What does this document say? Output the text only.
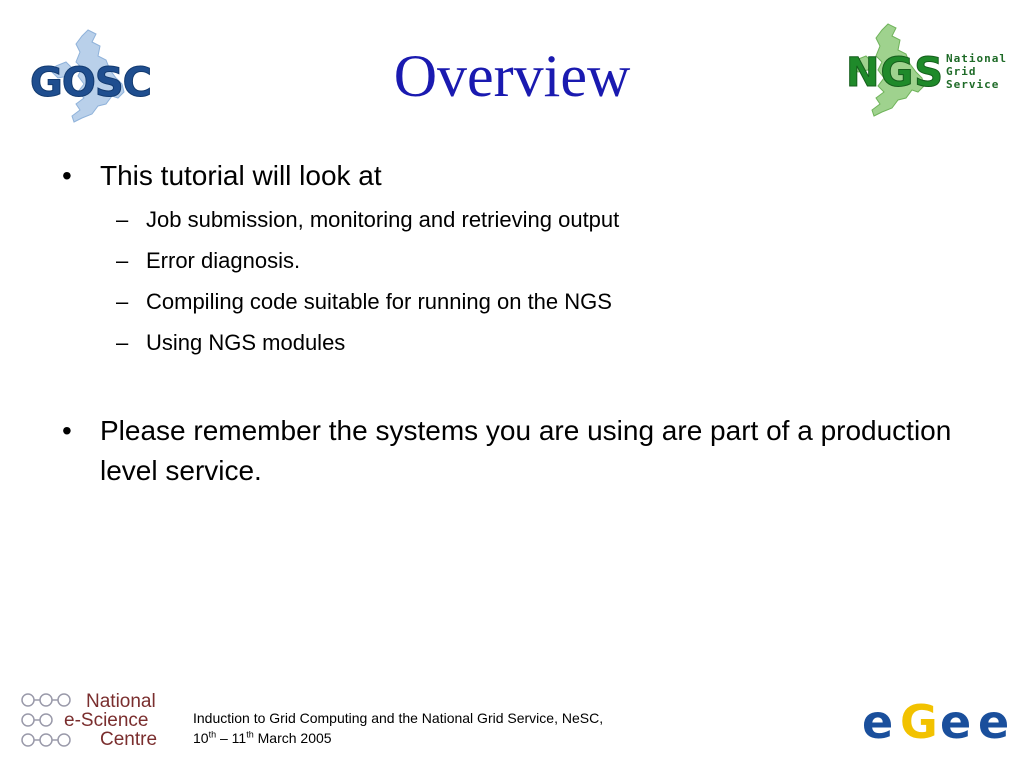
GOSC	Overview	NGS National
Grid
Service
• This tutorial will look at
– Job submission, monitoring and retrieving output
– Error diagnosis.
– Compiling code suitable for running on the NGS
– Using NGS modules
• Please remember the systems you are using are part of a production level service.
National
e-Science
Centre
Induction to Grid Computing and the National Grid Service, NeSC,
10th – 11th March 2005	e G e e
